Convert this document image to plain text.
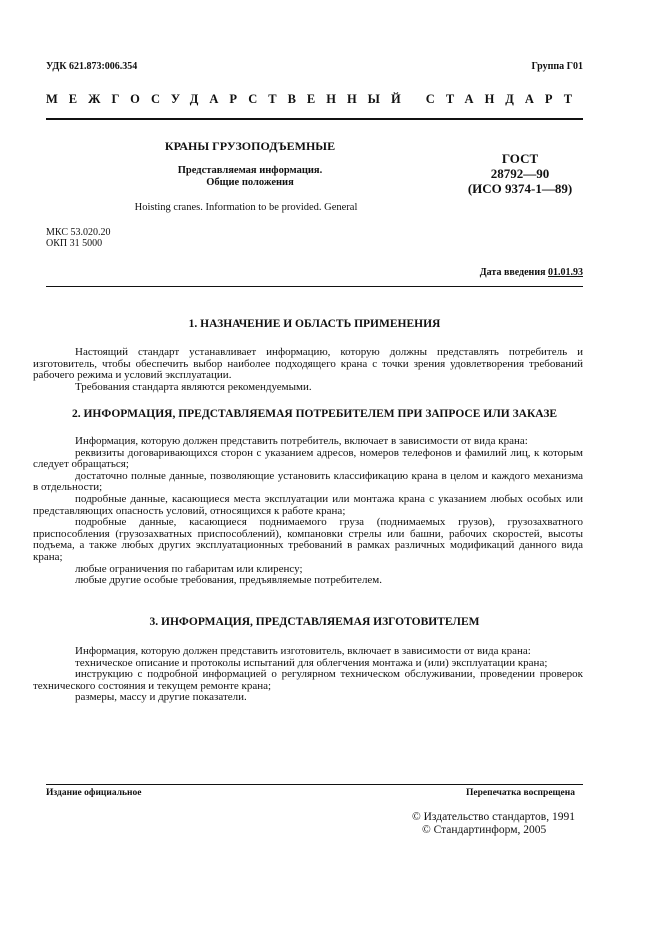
УДК 621.873:006.354	Группа Г01
МЕЖГОСУДАРСТВЕННЫЙ СТАНДАРТ
КРАНЫ ГРУЗОПОДЪЕМНЫЕ
Представляемая информация.
Общие положения
Hoisting cranes. Information to be provided. General
ГОСТ
28792—90
(ИСО 9374-1—89)
МКС 53.020.20
ОКП 31 5000
Дата введения 01.01.93
1. НАЗНАЧЕНИЕ И ОБЛАСТЬ ПРИМЕНЕНИЯ

Настоящий стандарт устанавливает информацию, которую должны представлять потребитель и изготовитель, чтобы обеспечить выбор наиболее подходящего крана с точки зрения удовлетворения требований рабочего режима и условий эксплуатации.

Требования стандарта являются рекомендуемыми.

2. ИНФОРМАЦИЯ, ПРЕДСТАВЛЯЕМАЯ ПОТРЕБИТЕЛЕМ ПРИ ЗАПРОСЕ ИЛИ ЗАКАЗЕ

Информация, которую должен представить потребитель, включает в зависимости от вида крана:

реквизиты договаривающихся сторон с указанием адресов, номеров телефонов и фамилий лиц, к которым следует обращаться;

достаточно полные данные, позволяющие установить классификацию крана в целом и каждого механизма в отдельности;

подробные данные, касающиеся места эксплуатации или монтажа крана с указанием любых особых или представляющих опасность условий, относящихся к работе крана;

подробные данные, касающиеся поднимаемого груза (поднимаемых грузов), грузозахватного приспособления (грузозахватных приспособлений), компановки стрелы или башни, рабочих скоростей, высоты подъема, а также любых других эксплуатационных требований в рамках различных модификаций данного вида крана;

любые ограничения по габаритам или клиренсу;

любые другие особые требования, предъявляемые потребителем.

3. ИНФОРМАЦИЯ, ПРЕДСТАВЛЯЕМАЯ ИЗГОТОВИТЕЛЕМ

Информация, которую должен представить изготовитель, включает в зависимости от вида крана:

техническое описание и протоколы испытаний для облегчения монтажа и (или) эксплуатации крана;

инструкцию с подробной информацией о регулярном техническом обслуживании, проведении проверок технического состояния и текущем ремонте крана;

размеры, массу и другие показатели.

Издание официальное	Перепечатка воспрещена
© Издательство стандартов, 1991
© Стандартинформ, 2005
